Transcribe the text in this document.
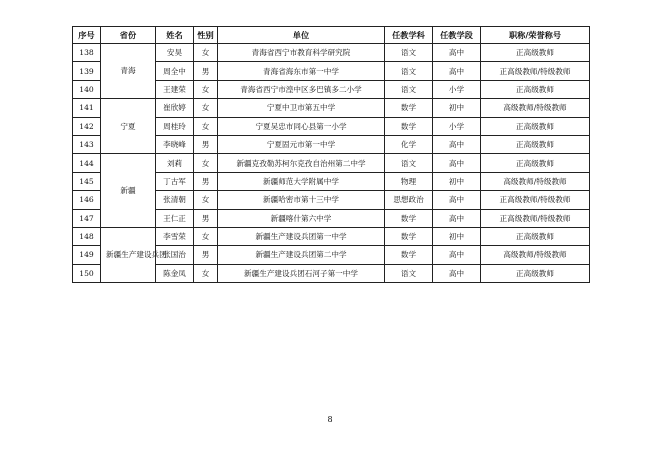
序号	省份	姓名	性别	单位	任教学科	任教学段	职称/荣誉称号
138	青海	安昊	女	青海省西宁市教育科学研究院	语文	高中	正高级教师
139		周全中	男	青海省海东市第一中学	语文	高中	正高级教师/特级教师
140		王建荣	女	青海省西宁市湟中区多巴镇多二小学	语文	小学	正高级教师
141	宁夏	崔欣婷	女	宁夏中卫市第五中学	数学	初中	高级教师/特级教师
142		周桂玲	女	宁夏吴忠市同心县第一小学	数学	小学	正高级教师
143		李晓峰	男	宁夏固元市第一中学	化学	高中	正高级教师
144	新疆	刘莉	女	新疆克孜勒苏柯尔克孜自治州第二中学	语文	高中	正高级教师
145		丁古军	男	新疆师范大学附属中学	物理	初中	高级教师/特级教师
146		张清朝	女	新疆哈密市第十三中学	思想政治	高中	正高级教师/特级教师
147		王仁正	男	新疆喀什第六中学	数学	高中	正高级教师/特级教师
148	新疆生产建设兵团	李雪荣	女	新疆生产建设兵团第一中学	数学	初中	正高级教师
149		张国治	男	新疆生产建设兵团第二中学	数学	高中	高级教师/特级教师
150		陈金凤	女	新疆生产建设兵团石河子第一中学	语文	高中	正高级教师
8
